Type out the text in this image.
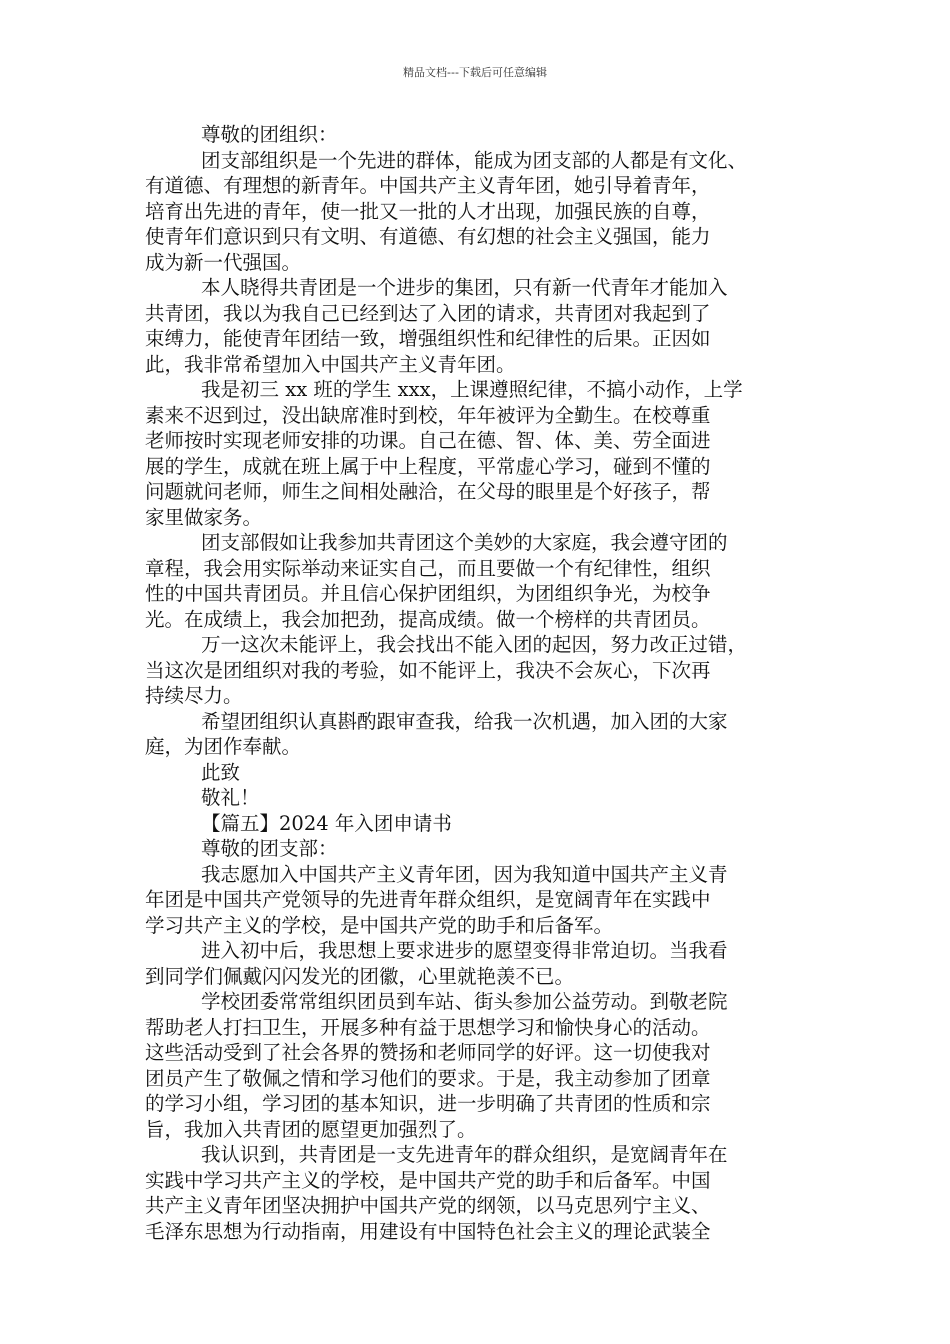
精品文档---下载后可任意编辑
尊敬的团组织：
团支部组织是一个先进的群体，能成为团支部的人都是有文化、
有道德、有理想的新青年。中国共产主义青年团，她引导着青年，
培育出先进的青年，使一批又一批的人才出现，加强民族的自尊，
使青年们意识到只有文明、有道德、有幻想的社会主义强国，能力
成为新一代强国。
本人晓得共青团是一个进步的集团，只有新一代青年才能加入
共青团，我以为我自己已经到达了入团的请求，共青团对我起到了
束缚力，能使青年团结一致，增强组织性和纪律性的后果。正因如
此，我非常希望加入中国共产主义青年团。
我是初三 xx 班的学生 xxx，上课遵照纪律，不搞小动作，上学
素来不迟到过，没出缺席准时到校，年年被评为全勤生。在校尊重
老师按时实现老师安排的功课。自己在德、智、体、美、劳全面进
展的学生，成就在班上属于中上程度，平常虚心学习，碰到不懂的
问题就问老师，师生之间相处融洽，在父母的眼里是个好孩子，帮
家里做家务。
团支部假如让我参加共青团这个美妙的大家庭，我会遵守团的
章程，我会用实际举动来证实自己，而且要做一个有纪律性，组织
性的中国共青团员。并且信心保护团组织，为团组织争光，为校争
光。在成绩上，我会加把劲，提高成绩。做一个榜样的共青团员。
万一这次未能评上，我会找出不能入团的起因，努力改正过错，
当这次是团组织对我的考验，如不能评上，我决不会灰心，下次再
持续尽力。
希望团组织认真斟酌跟审查我，给我一次机遇，加入团的大家
庭，为团作奉献。
此致
敬礼！
【篇五】2024 年入团申请书
尊敬的团支部：
我志愿加入中国共产主义青年团，因为我知道中国共产主义青
年团是中国共产党领导的先进青年群众组织，是宽阔青年在实践中
学习共产主义的学校，是中国共产党的助手和后备军。
进入初中后，我思想上要求进步的愿望变得非常迫切。当我看
到同学们佩戴闪闪发光的团徽，心里就艳羡不已。
学校团委常常组织团员到车站、街头参加公益劳动。到敬老院
帮助老人打扫卫生，开展多种有益于思想学习和愉快身心的活动。
这些活动受到了社会各界的赞扬和老师同学的好评。这一切使我对
团员产生了敬佩之情和学习他们的要求。于是，我主动参加了团章
的学习小组，学习团的基本知识，进一步明确了共青团的性质和宗
旨，我加入共青团的愿望更加强烈了。
我认识到，共青团是一支先进青年的群众组织，是宽阔青年在
实践中学习共产主义的学校，是中国共产党的助手和后备军。中国
共产主义青年团坚决拥护中国共产党的纲领，以马克思列宁主义、
毛泽东思想为行动指南，用建设有中国特色社会主义的理论武装全
